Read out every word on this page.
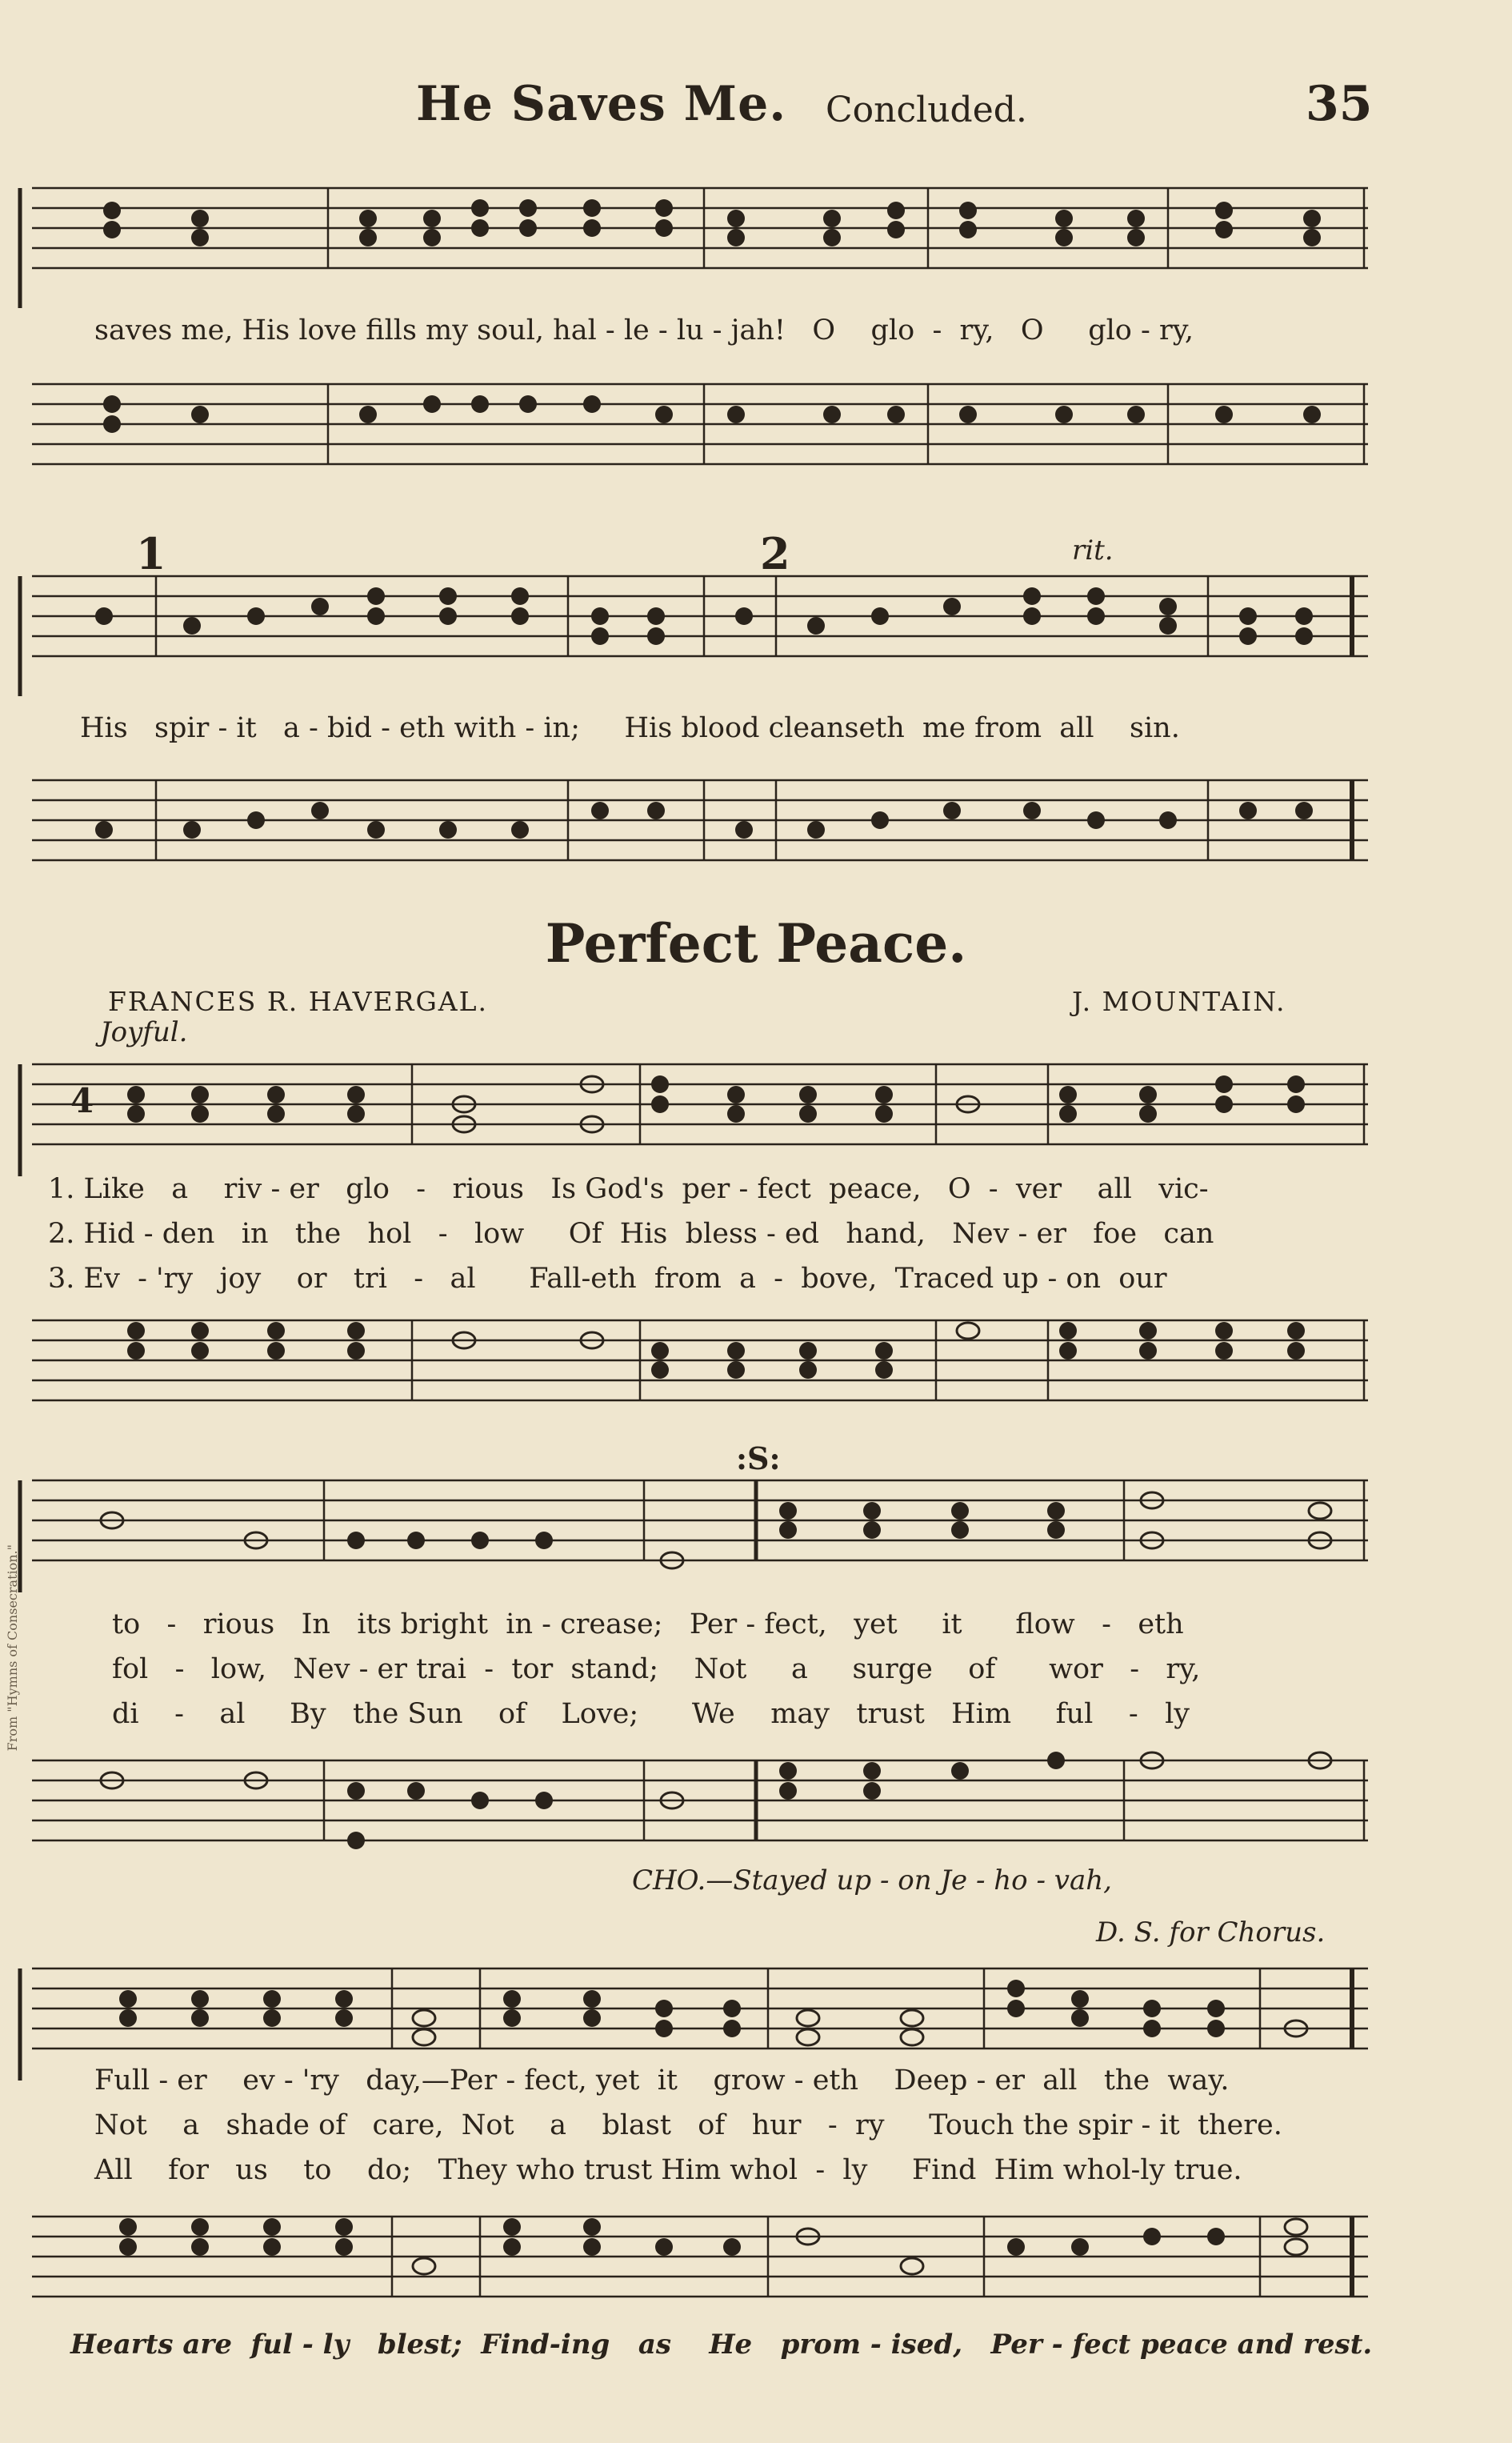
He Saves Me. Concluded.	35
saves me, His love fills my soul, hal - le - lu - jah!   O    glo  -  ry,   O     glo - ry,
1	2	rit.
His   spir - it   a - bid - eth with - in;     His blood cleanseth  me from  all    sin.
Perfect Peace.
FRANCES R. HAVERGAL.	J. MOUNTAIN.
Joyful.
4
1. Like   a    riv - er   glo   -   rious   Is God's  per - fect  peace,   O  -  ver    all   vic-
2. Hid - den   in   the   hol   -   low     Of  His  bless - ed   hand,   Nev - er   foe   can
3. Ev  - 'ry   joy    or   tri   -   al      Fall-eth  from  a  -  bove,  Traced up - on  our
:S:
to   -   rious   In   its bright  in - crease;   Per - fect,   yet     it      flow   -   eth
fol   -   low,   Nev - er trai  -  tor  stand;    Not     a     surge    of      wor   -   ry,
di    -    al     By   the Sun    of    Love;      We    may   trust   Him     ful    -   ly
CHO.—Stayed up - on Je - ho - vah,
D. S. for Chorus.
Full - er    ev - 'ry   day,—Per - fect, yet  it    grow - eth    Deep - er  all   the  way.
Not    a   shade of   care,  Not    a    blast   of   hur   -  ry     Touch the spir - it  there.
All    for   us    to    do;   They who trust Him whol  -  ly     Find  Him whol-ly true.
Hearts are  ful - ly   blest;  Find-ing   as    He   prom - ised,   Per - fect peace and rest.
From "Hymns of Consecration."
